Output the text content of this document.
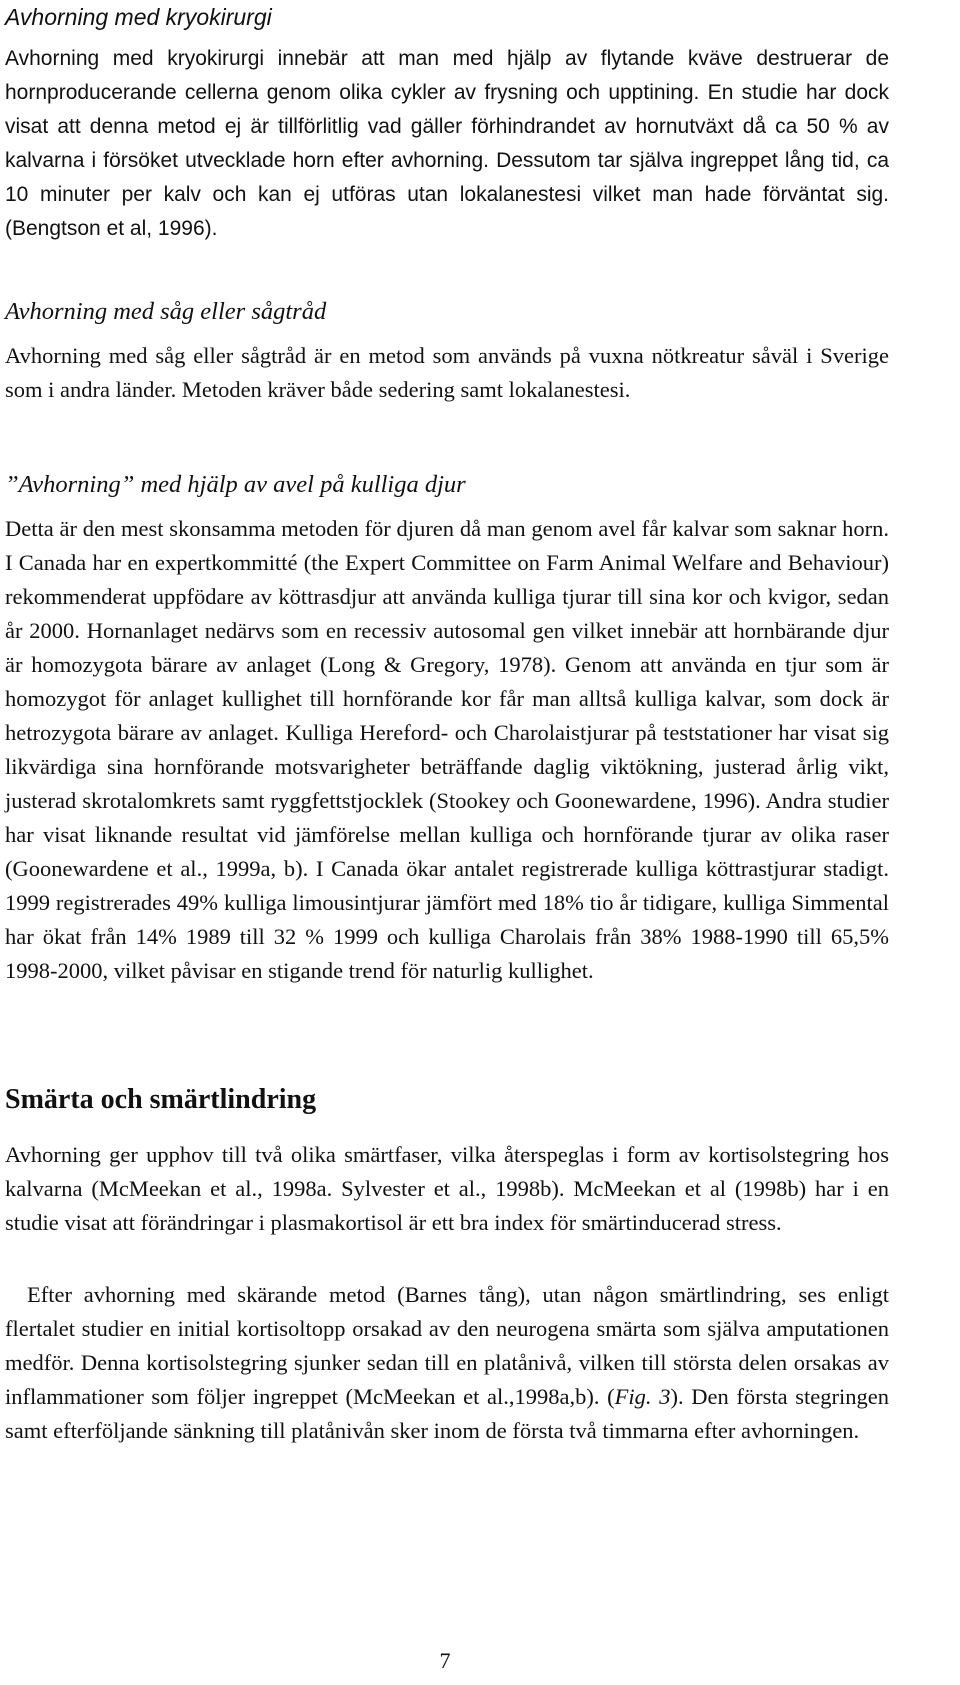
Avhorning med kryokirurgi

Avhorning med kryokirurgi innebär att man med hjälp av flytande kväve destruerar de hornproducerande cellerna genom olika cykler av frysning och upptining. En studie har dock visat att denna metod ej är tillförlitlig vad gäller förhindrandet av hornutväxt då ca 50 % av kalvarna i försöket utvecklade horn efter avhorning. Dessutom tar själva ingreppet lång tid, ca 10 minuter per kalv och kan ej utföras utan lokalanestesi vilket man hade förväntat sig. (Bengtson et al, 1996).

Avhorning med såg eller sågtråd

Avhorning med såg eller sågtråd är en metod som används på vuxna nötkreatur såväl i Sverige som i andra länder. Metoden kräver både sedering samt lokalanestesi.

”Avhorning” med hjälp av avel på kulliga djur

Detta är den mest skonsamma metoden för djuren då man genom avel får kalvar som saknar horn. I Canada har en expertkommitté (the Expert Committee on Farm Animal Welfare and Behaviour) rekommenderat uppfödare av köttrasdjur att använda kulliga tjurar till sina kor och kvigor, sedan år 2000. Hornanlaget nedärvs som en recessiv autosomal gen vilket innebär att hornbärande djur är homozygota bärare av anlaget (Long & Gregory, 1978). Genom att använda en tjur som är homozygot för anlaget kullighet till hornförande kor får man alltså kulliga kalvar, som dock är hetrozygota bärare av anlaget. Kulliga Hereford- och Charolaistjurar på teststationer har visat sig likvärdiga sina hornförande motsvarigheter beträffande daglig viktökning, justerad årlig vikt, justerad skrotalomkrets samt ryggfettstjocklek (Stookey och Goonewardene, 1996). Andra studier har visat liknande resultat vid jämförelse mellan kulliga och hornförande tjurar av olika raser (Goonewardene et al., 1999a, b). I Canada ökar antalet registrerade kulliga köttrastjurar stadigt. 1999 registrerades 49% kulliga limousintjurar jämfört med 18% tio år tidigare, kulliga Simmental har ökat från 14% 1989 till 32 % 1999 och kulliga Charolais från 38% 1988-1990 till 65,5% 1998-2000, vilket påvisar en stigande trend för naturlig kullighet.

Smärta och smärtlindring

Avhorning ger upphov till två olika smärtfaser, vilka återspeglas i form av kortisolstegring hos kalvarna (McMeekan et al., 1998a. Sylvester et al., 1998b). McMeekan et al (1998b) har i en studie visat att förändringar i plasmakortisol är ett bra index för smärtinducerad stress.

Efter avhorning med skärande metod (Barnes tång), utan någon smärtlindring, ses enligt flertalet studier en initial kortisoltopp orsakad av den neurogena smärta som själva amputationen medför. Denna kortisolstegring sjunker sedan till en platånivå, vilken till största delen orsakas av inflammationer som följer ingreppet (McMeekan et al.,1998a,b). (Fig. 3). Den första stegringen samt efterföljande sänkning till platånivån sker inom de första två timmarna efter avhorningen.

7
